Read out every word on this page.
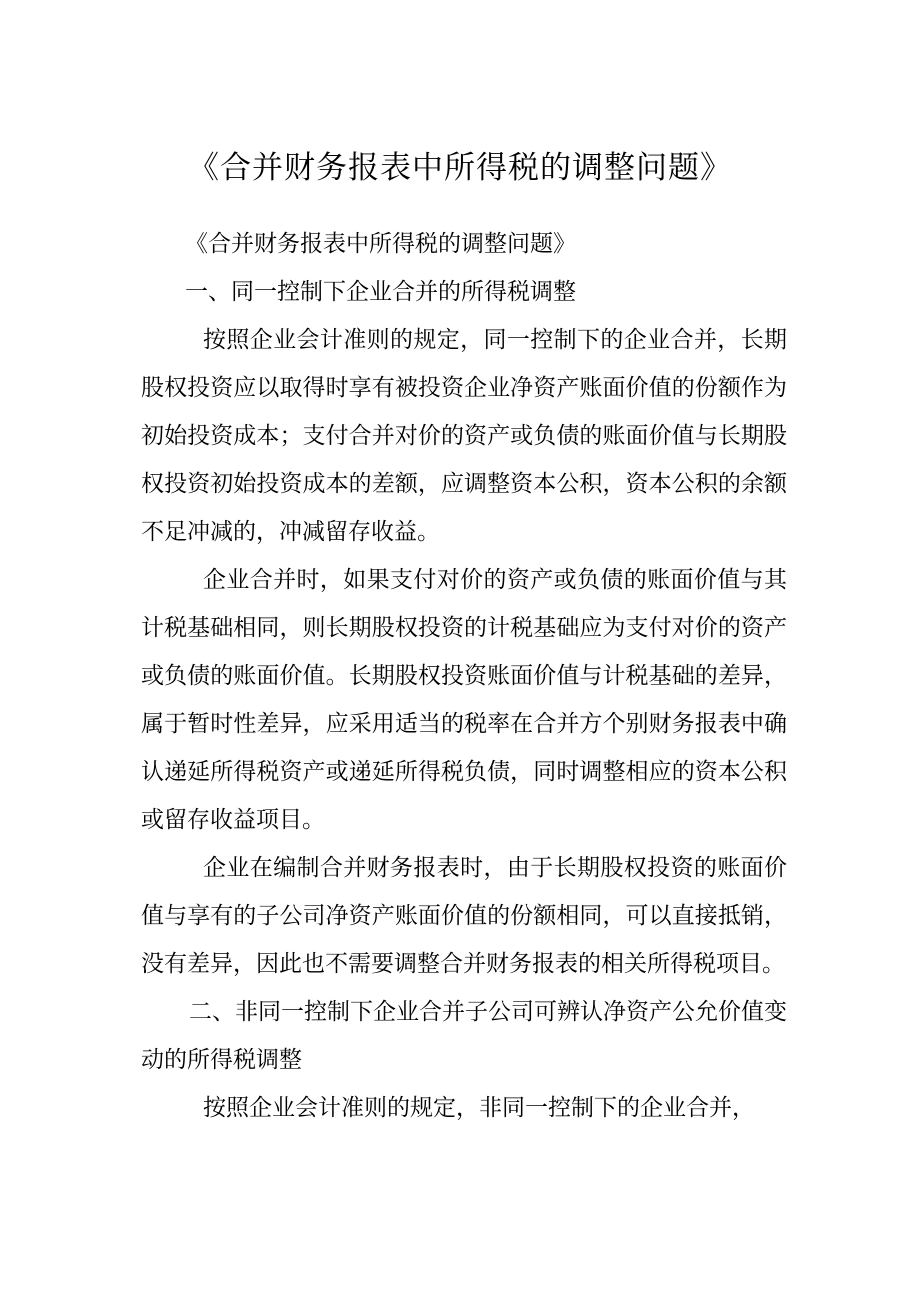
《合并财务报表中所得税的调整问题》

《合并财务报表中所得税的调整问题》

一、同一控制下企业合并的所得税调整

按照企业会计准则的规定，同一控制下的企业合并，长期股权投资应以取得时享有被投资企业净资产账面价值的份额作为初始投资成本；支付合并对价的资产或负债的账面价值与长期股权投资初始投资成本的差额，应调整资本公积，资本公积的余额不足冲减的，冲减留存收益。

企业合并时，如果支付对价的资产或负债的账面价值与其计税基础相同，则长期股权投资的计税基础应为支付对价的资产或负债的账面价值。长期股权投资账面价值与计税基础的差异，属于暂时性差异，应采用适当的税率在合并方个别财务报表中确认递延所得税资产或递延所得税负债，同时调整相应的资本公积或留存收益项目。

企业在编制合并财务报表时，由于长期股权投资的账面价值与享有的子公司净资产账面价值的份额相同，可以直接抵销，没有差异，因此也不需要调整合并财务报表的相关所得税项目。

二、非同一控制下企业合并子公司可辨认净资产公允价值变动的所得税调整

按照企业会计准则的规定，非同一控制下的企业合并，
